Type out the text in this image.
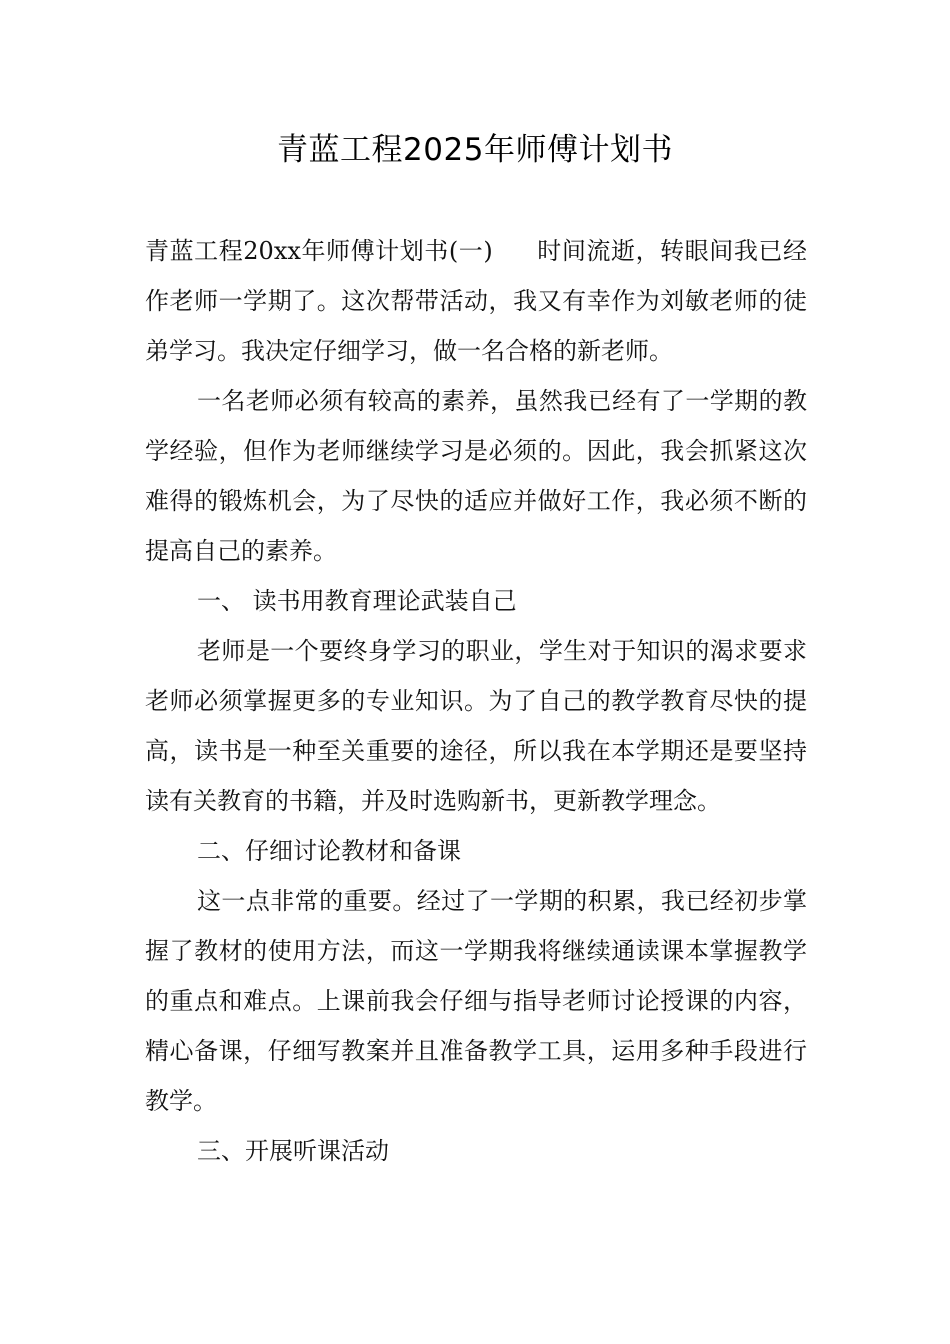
青蓝工程2025年师傅计划书

青蓝工程20xx年师傅计划书(一) 时间流逝，转眼间我已经作老师一学期了。这次帮带活动，我又有幸作为刘敏老师的徒弟学习。我决定仔细学习，做一名合格的新老师。

一名老师必须有较高的素养，虽然我已经有了一学期的教学经验，但作为老师继续学习是必须的。因此，我会抓紧这次难得的锻炼机会，为了尽快的适应并做好工作，我必须不断的提高自己的素养。

一、 读书用教育理论武装自己

老师是一个要终身学习的职业，学生对于知识的渴求要求老师必须掌握更多的专业知识。为了自己的教学教育尽快的提高，读书是一种至关重要的途径，所以我在本学期还是要坚持读有关教育的书籍，并及时选购新书，更新教学理念。

二、仔细讨论教材和备课

这一点非常的重要。经过了一学期的积累，我已经初步掌握了教材的使用方法，而这一学期我将继续通读课本掌握教学的重点和难点。上课前我会仔细与指导老师讨论授课的内容，精心备课，仔细写教案并且准备教学工具，运用多种手段进行教学。

三、开展听课活动
